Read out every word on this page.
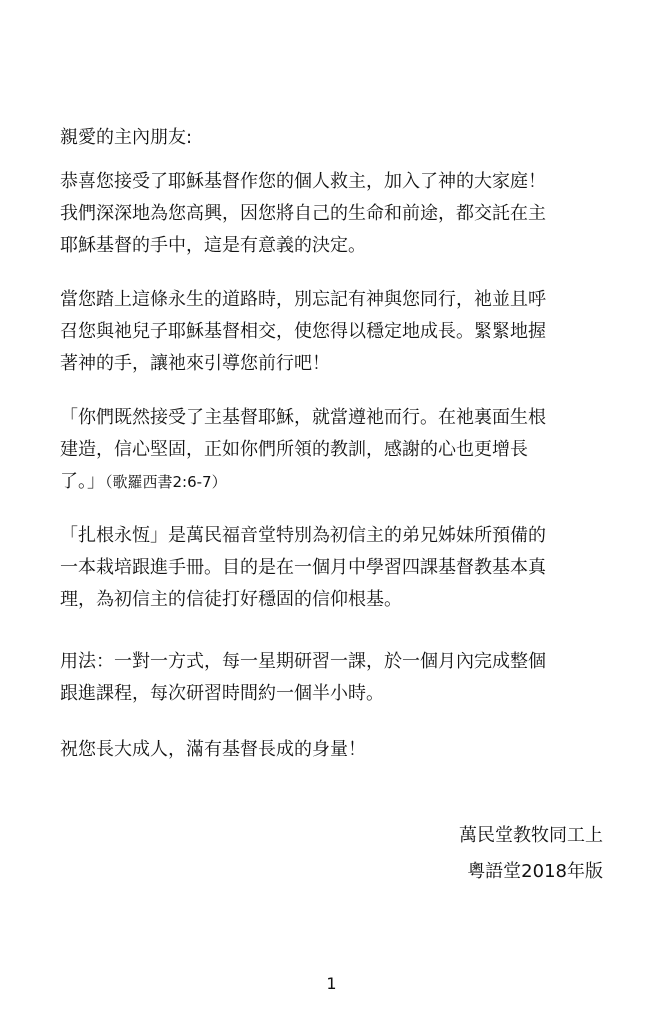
親愛的主內朋友:
恭喜您接受了耶穌基督作您的個人救主，加入了神的大家庭！
我們深深地為您高興，因您將自己的生命和前途，都交託在主
耶穌基督的手中，這是有意義的決定。
當您踏上這條永生的道路時，別忘記有神與您同行，祂並且呼
召您與祂兒子耶穌基督相交，使您得以穩定地成長。緊緊地握
著神的手，讓祂來引導您前行吧！
「你們既然接受了主基督耶穌，就當遵祂而行。在祂裏面生根
建造，信心堅固，正如你們所領的教訓，感謝的心也更增長
了。」（歌羅西書2:6-7）
「扎根永恆」是萬民福音堂特別為初信主的弟兄姊妹所預備的
一本栽培跟進手冊。目的是在一個月中學習四課基督教基本真
理，為初信主的信徒打好穩固的信仰根基。
用法：一對一方式，每一星期研習一課，於一個月內完成整個
跟進課程，每次研習時間約一個半小時。
祝您長大成人，滿有基督長成的身量！
萬民堂教牧同工上
粵語堂2018年版
1
